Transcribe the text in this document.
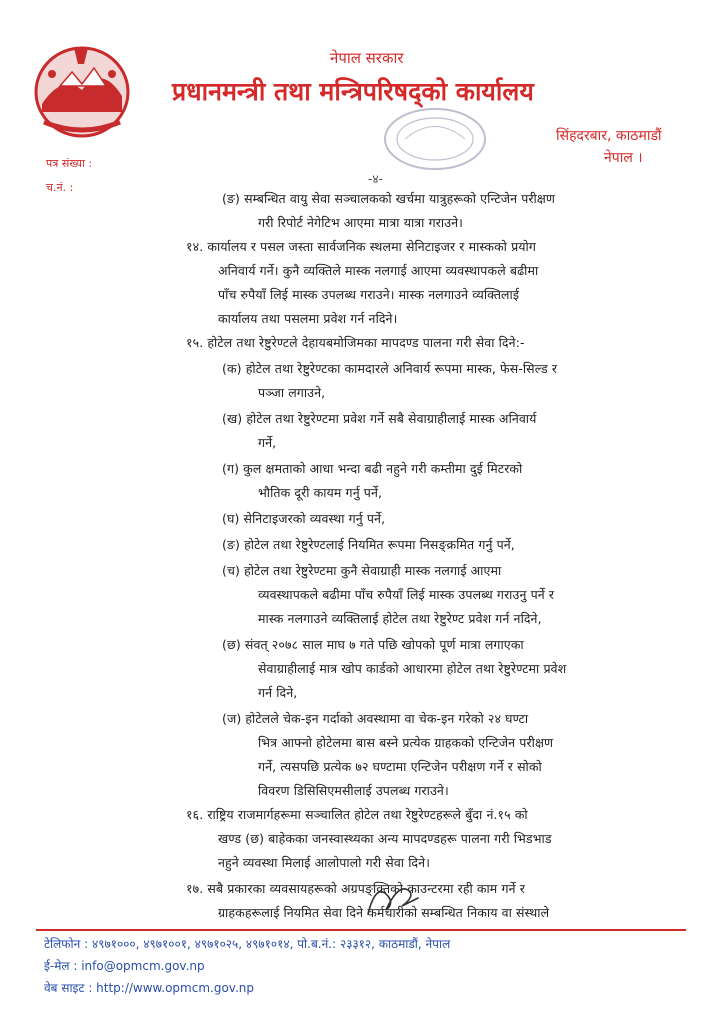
नेपाल सरकार
प्रधानमन्त्री तथा मन्त्रिपरिषद्को कार्यालय
सिंहदरबार, काठमाडौं
नेपाल ।
पत्र संख्या :
च.नं. :
-४-
(ङ) सम्बन्धित वायु सेवा सञ्चालकको खर्चमा यात्रुहरूको एन्टिजेन परीक्षण
गरी रिपोर्ट नेगेटिभ आएमा मात्रा यात्रा गराउने।
१४. कार्यालय र पसल जस्ता सार्वजनिक स्थलमा सेनिटाइजर र मास्कको प्रयोग
अनिवार्य गर्ने। कुनै व्यक्तिले मास्क नलगाई आएमा व्यवस्थापकले बढीमा
पाँच रुपैयाँ लिई मास्क उपलब्ध गराउने। मास्क नलगाउने व्यक्तिलाई
कार्यालय तथा पसलमा प्रवेश गर्न नदिने।
१५. होटेल तथा रेष्टुरेण्टले देहायबमोजिमका मापदण्ड पालना गरी सेवा दिने:-
(क) होटेल तथा रेष्टुरेण्टका कामदारले अनिवार्य रूपमा मास्क, फेस-सिल्ड र
पञ्जा लगाउने,
(ख) होटेल तथा रेष्टुरेण्टमा प्रवेश गर्ने सबै सेवाग्राहीलाई मास्क अनिवार्य
गर्ने,
(ग) कुल क्षमताको आधा भन्दा बढी नहुने गरी कम्तीमा दुई मिटरको
भौतिक दूरी कायम गर्नु पर्ने,
(घ) सेनिटाइजरको व्यवस्था गर्नु पर्ने,
(ङ) होटेल तथा रेष्टुरेण्टलाई नियमित रूपमा निसङ्क्रमित गर्नु पर्ने,
(च) होटेल तथा रेष्टुरेण्टमा कुनै सेवाग्राही मास्क नलगाई आएमा
व्यवस्थापकले बढीमा पाँच रुपैयाँ लिई मास्क उपलब्ध गराउनु पर्ने र
मास्क नलगाउने व्यक्तिलाई होटेल तथा रेष्टुरेण्ट प्रवेश गर्न नदिने,
(छ) संवत् २०७८ साल माघ ७ गते पछि खोपको पूर्ण मात्रा लगाएका
सेवाग्राहीलाई मात्र खोप कार्डको आधारमा होटेल तथा रेष्टुरेण्टमा प्रवेश
गर्न दिने,
(ज) होटेलले चेक-इन गर्दाको अवस्थामा वा चेक-इन गरेको २४ घण्टा
भित्र आफ्नो होटेलमा बास बस्ने प्रत्येक ग्राहकको एन्टिजेन परीक्षण
गर्ने, त्यसपछि प्रत्येक ७२ घण्टामा एन्टिजेन परीक्षण गर्ने र सोको
विवरण डिसिसिएमसीलाई उपलब्ध गराउने।
१६. राष्ट्रिय राजमार्गहरूमा सञ्चालित होटेल तथा रेष्टुरेण्टहरूले बुँदा नं.१५ को
खण्ड (छ) बाहेकका जनस्वास्थ्यका अन्य मापदण्डहरू पालना गरी भिडभाड
नहुने व्यवस्था मिलाई आलोपालो गरी सेवा दिने।
१७. सबै प्रकारका व्यवसायहरूको अग्रपङ्क्तिको काउन्टरमा रही काम गर्ने र
ग्राहकहरूलाई नियमित सेवा दिने कर्मचारीको सम्बन्धित निकाय वा संस्थाले
टेलिफोन : ४९७१०००, ४९७१००१, ४९७१०२५, ४९७१०१४, पो.ब.नं.: २३३१२, काठमाडौं, नेपाल
ई-मेल : info@opmcm.gov.np
वेब साइट : http://www.opmcm.gov.np
